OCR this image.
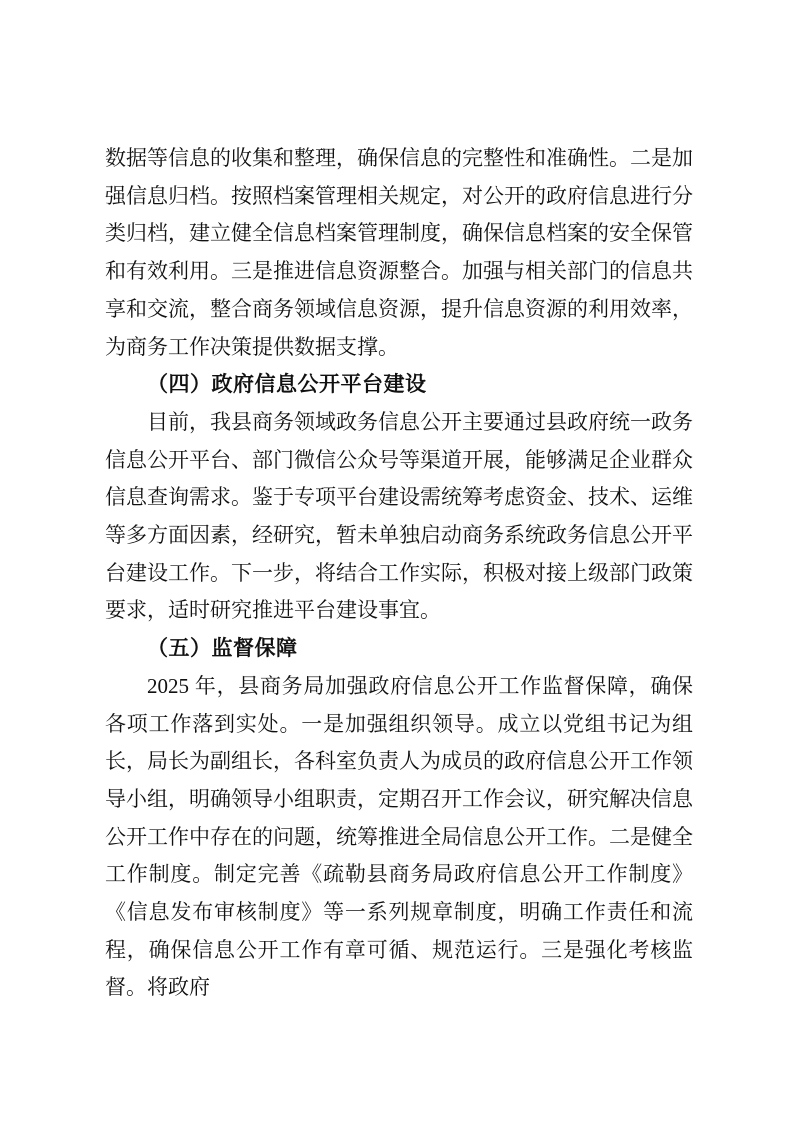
数据等信息的收集和整理，确保信息的完整性和准确性。二是加强信息归档。按照档案管理相关规定，对公开的政府信息进行分类归档，建立健全信息档案管理制度，确保信息档案的安全保管和有效利用。三是推进信息资源整合。加强与相关部门的信息共享和交流，整合商务领域信息资源，提升信息资源的利用效率，为商务工作决策提供数据支撑。

（四）政府信息公开平台建设

目前，我县商务领域政务信息公开主要通过县政府统一政务信息公开平台、部门微信公众号等渠道开展，能够满足企业群众信息查询需求。鉴于专项平台建设需统筹考虑资金、技术、运维等多方面因素，经研究，暂未单独启动商务系统政务信息公开平台建设工作。下一步，将结合工作实际，积极对接上级部门政策要求，适时研究推进平台建设事宜。

（五）监督保障

2025 年，县商务局加强政府信息公开工作监督保障，确保各项工作落到实处。一是加强组织领导。成立以党组书记为组长，局长为副组长，各科室负责人为成员的政府信息公开工作领导小组，明确领导小组职责，定期召开工作会议，研究解决信息公开工作中存在的问题，统筹推进全局信息公开工作。二是健全工作制度。制定完善《疏勒县商务局政府信息公开工作制度》《信息发布审核制度》等一系列规章制度，明确工作责任和流程，确保信息公开工作有章可循、规范运行。三是强化考核监督。将政府
